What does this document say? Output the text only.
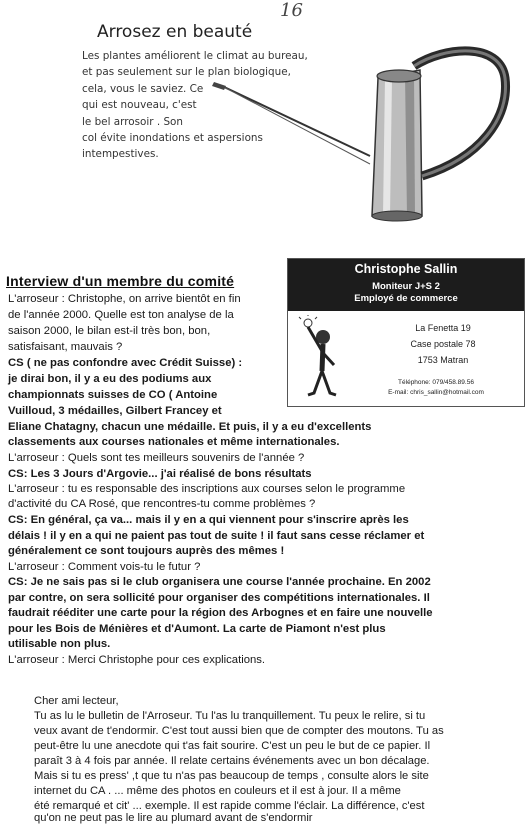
16
Arrosez en beauté
Les plantes améliorent le climat au bureau,
et pas seulement sur le plan biologique,
cela, vous le saviez. Ce
qui est nouveau, c'est
le bel arrosoir . Son
col évite inondations et aspersions
intempestives.
Christophe Sallin
Moniteur J+S 2
Employé de commerce
La Fenetta 19
Case postale 78
1753 Matran
Téléphone: 079/458.89.56
E-mail: chris_sallin@hotmail.com
Interview d'un membre du comité
L'arroseur : Christophe, on arrive bientôt en fin
de l'année 2000. Quelle est ton analyse de la
saison 2000, le bilan est-il très bon, bon,
satisfaisant, mauvais ?
CS ( ne pas confondre avec Crédit Suisse) :
je dirai bon, il y a eu des podiums aux
championnats suisses de CO ( Antoine
Vuilloud, 3 médailles, Gilbert Francey et
Eliane Chatagny, chacun une médaille. Et puis, il y a eu d'excellents
classements aux courses nationales et même internationales.
L'arroseur : Quels sont tes meilleurs souvenirs de l'année ?
CS: Les 3 Jours d'Argovie... j'ai réalisé de bons résultats
L'arroseur : tu es responsable des inscriptions aux courses selon le programme
d'activité du CA Rosé, que rencontres-tu comme problèmes ?
CS: En général, ça va... mais il y en a qui viennent pour s'inscrire après les
délais ! il y en a qui ne paient pas tout de suite ! il faut sans cesse réclamer et
généralement ce sont toujours auprès des mêmes !
L'arroseur : Comment vois-tu le futur ?
CS: Je ne sais pas si le club organisera une course l'année prochaine. En 2002
par contre, on sera sollicité pour organiser des compétitions internationales. Il
faudrait rééditer une carte pour la région des Arbognes et en faire une nouvelle
pour les Bois de Ménières et d'Aumont. La carte de Piamont n'est plus
utilisable non plus.
L'arroseur : Merci Christophe pour ces explications.
Cher ami lecteur,
Tu as lu le bulletin de l'Arroseur. Tu l'as lu tranquillement. Tu peux le relire, si tu
veux avant de t'endormir. C'est tout aussi bien que de compter des moutons. Tu as
peut-être lu une anecdote qui t'as fait sourire. C'est un peu le but de ce papier. Il
paraît 3 à 4 fois par année. Il relate certains événements avec un bon décalage.
Mais si tu es press' ,t que tu n'as pas beaucoup de temps , consulte alors le site
internet du CA . ... même des photos en couleurs et il est à jour. Il a même
été remarqué et cit' ... exemple. Il est rapide comme l'éclair. La différence, c'est
qu'on ne peut pas le lire au plumard avant de s'endormir
